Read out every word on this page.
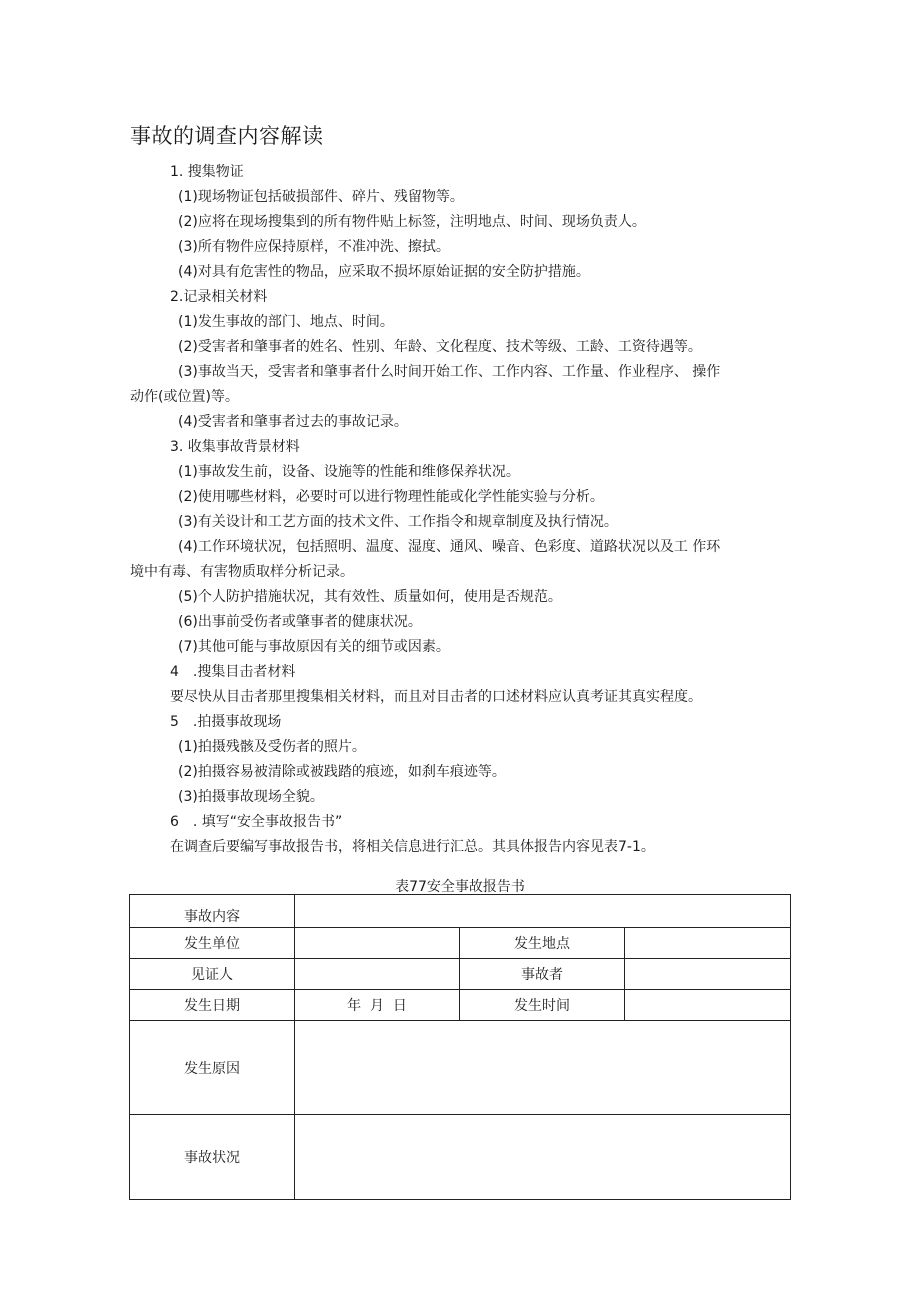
事故的调查内容解读
1. 搜集物证
(1)现场物证包括破损部件、碎片、残留物等。
(2)应将在现场搜集到的所有物件贴上标签，注明地点、时间、现场负责人。
(3)所有物件应保持原样，不准冲洗、擦拭。
(4)对具有危害性的物品，应采取不损坏原始证据的安全防护措施。
2.记录相关材料
(1)发生事故的部门、地点、时间。
(2)受害者和肇事者的姓名、性别、年龄、文化程度、技术等级、工龄、工资待遇等。
(3)事故当天，受害者和肇事者什么时间开始工作、工作内容、工作量、作业程序、 操作
动作(或位置)等。
(4)受害者和肇事者过去的事故记录。
3. 收集事故背景材料
(1)事故发生前，设备、设施等的性能和维修保养状况。
(2)使用哪些材料，必要时可以进行物理性能或化学性能实验与分析。
(3)有关设计和工艺方面的技术文件、工作指令和规章制度及执行情况。
(4)工作环境状况，包括照明、温度、湿度、通风、噪音、色彩度、道路状况以及工 作环
境中有毒、有害物质取样分析记录。
(5)个人防护措施状况，其有效性、质量如何，使用是否规范。
(6)出事前受伤者或肇事者的健康状况。
(7)其他可能与事故原因有关的细节或因素。
4　.搜集目击者材料
要尽快从目击者那里搜集相关材料，而且对目击者的口述材料应认真考证其真实程度。
5　.拍摄事故现场
(1)拍摄残骸及受伤者的照片。
(2)拍摄容易被清除或被践踏的痕迹，如刹车痕迹等。
(3)拍摄事故现场全貌。
6　. 填写“安全事故报告书”
在调查后要编写事故报告书，将相关信息进行汇总。其具体报告内容见表7-1。
表77安全事故报告书
事故内容			
发生单位		发生地点	
见证人		事故者	
发生日期	年  月  日	发生时间	
发生原因			
事故状况			
